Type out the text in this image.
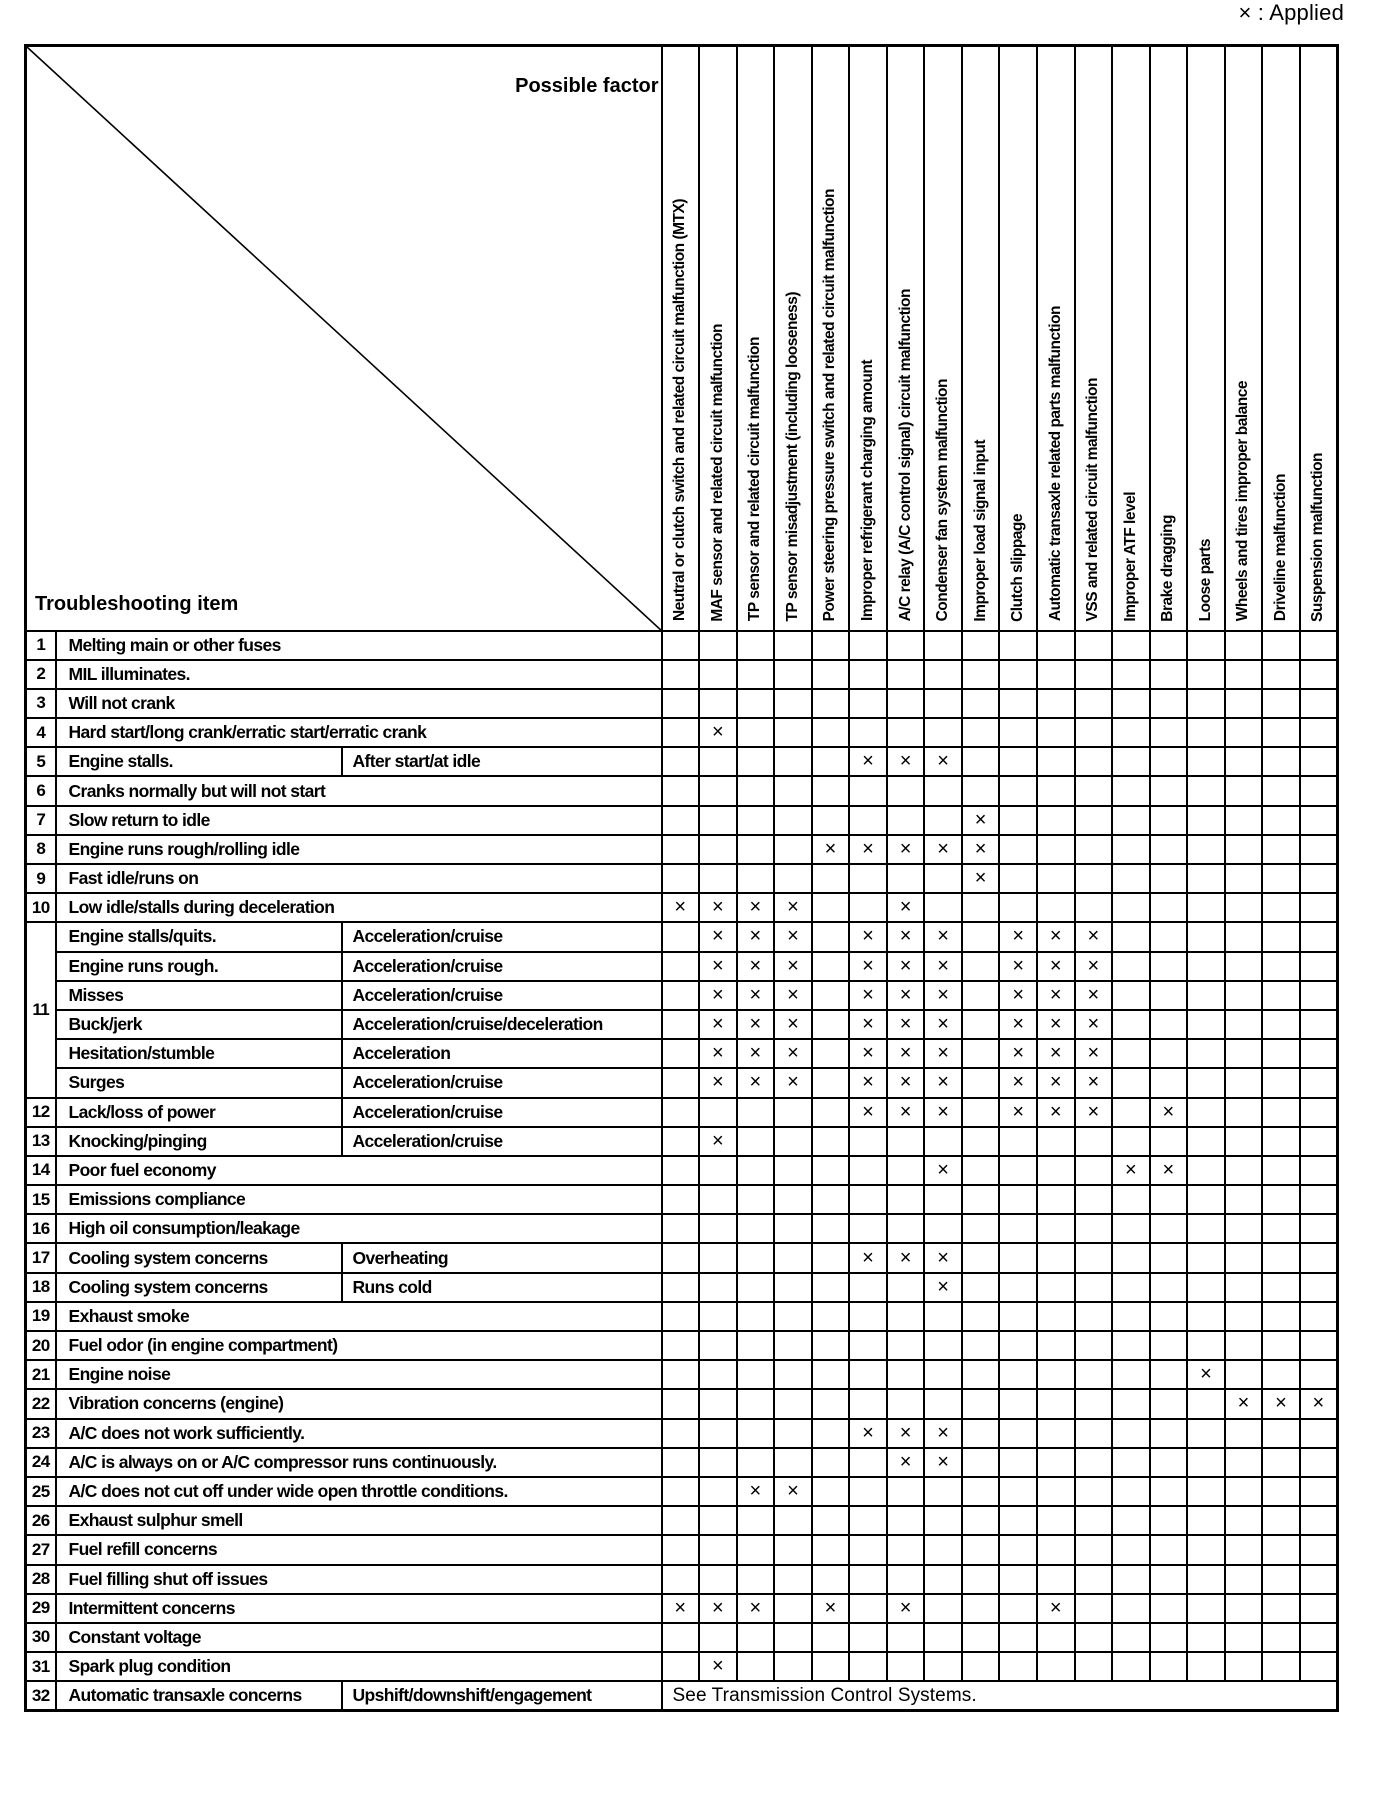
× : Applied
Possible factor
Troubleshooting item			Neutral or clutch switch and related circuit malfunction (MTX)	MAF sensor and related circuit malfunction	TP sensor and related circuit malfunction	TP sensor misadjustment (including looseness)	Power steering pressure switch and related circuit malfunction	Improper refrigerant charging amount	A/C relay (A/C control signal) circuit malfunction	Condenser fan system malfunction	Improper load signal input	Clutch slippage	Automatic transaxle related parts malfunction	VSS and related circuit malfunction	Improper ATF level	Brake dragging	Loose parts	Wheels and tires improper balance	Driveline malfunction	Suspension malfunction

1	Melting main or other fuses																			
2	MIL illuminates.																			
3	Will not crank																			
4	Hard start/long crank/erratic start/erratic crank			×																
5	Engine stalls.	After start/at idle						×	×	×										
6	Cranks normally but will not start																			
7	Slow return to idle										×									
8	Engine runs rough/rolling idle						×	×	×	×	×									
9	Fast idle/runs on										×									
10	Low idle/stalls during deceleration		×	×	×	×			×											
11	Engine stalls/quits.	Acceleration/cruise		×	×	×		×	×	×		×	×	×						
	Engine runs rough.	Acceleration/cruise		×	×	×		×	×	×		×	×	×						
	Misses	Acceleration/cruise		×	×	×		×	×	×		×	×	×						
	Buck/jerk	Acceleration/cruise/deceleration		×	×	×		×	×	×		×	×	×						
	Hesitation/stumble	Acceleration		×	×	×		×	×	×		×	×	×						
	Surges	Acceleration/cruise		×	×	×		×	×	×		×	×	×						
12	Lack/loss of power	Acceleration/cruise						×	×	×		×	×	×		×				
13	Knocking/pinging	Acceleration/cruise		×																
14	Poor fuel economy									×					×	×				
15	Emissions compliance																			
16	High oil consumption/leakage																			
17	Cooling system concerns	Overheating						×	×	×										
18	Cooling system concerns	Runs cold								×										
19	Exhaust smoke																			
20	Fuel odor (in engine compartment)																			
21	Engine noise																×			
22	Vibration concerns (engine)																	×	×	×
23	A/C does not work sufficiently.							×	×	×										
24	A/C is always on or A/C compressor runs continuously.								×	×										
25	A/C does not cut off under wide open throttle conditions.				×	×														
26	Exhaust sulphur smell																			
27	Fuel refill concerns																			
28	Fuel filling shut off issues																			
29	Intermittent concerns		×	×	×		×		×				×							
30	Constant voltage																			
31	Spark plug condition			×																
32	Automatic transaxle concerns	Upshift/downshift/engagement	See Transmission Control Systems.																	
